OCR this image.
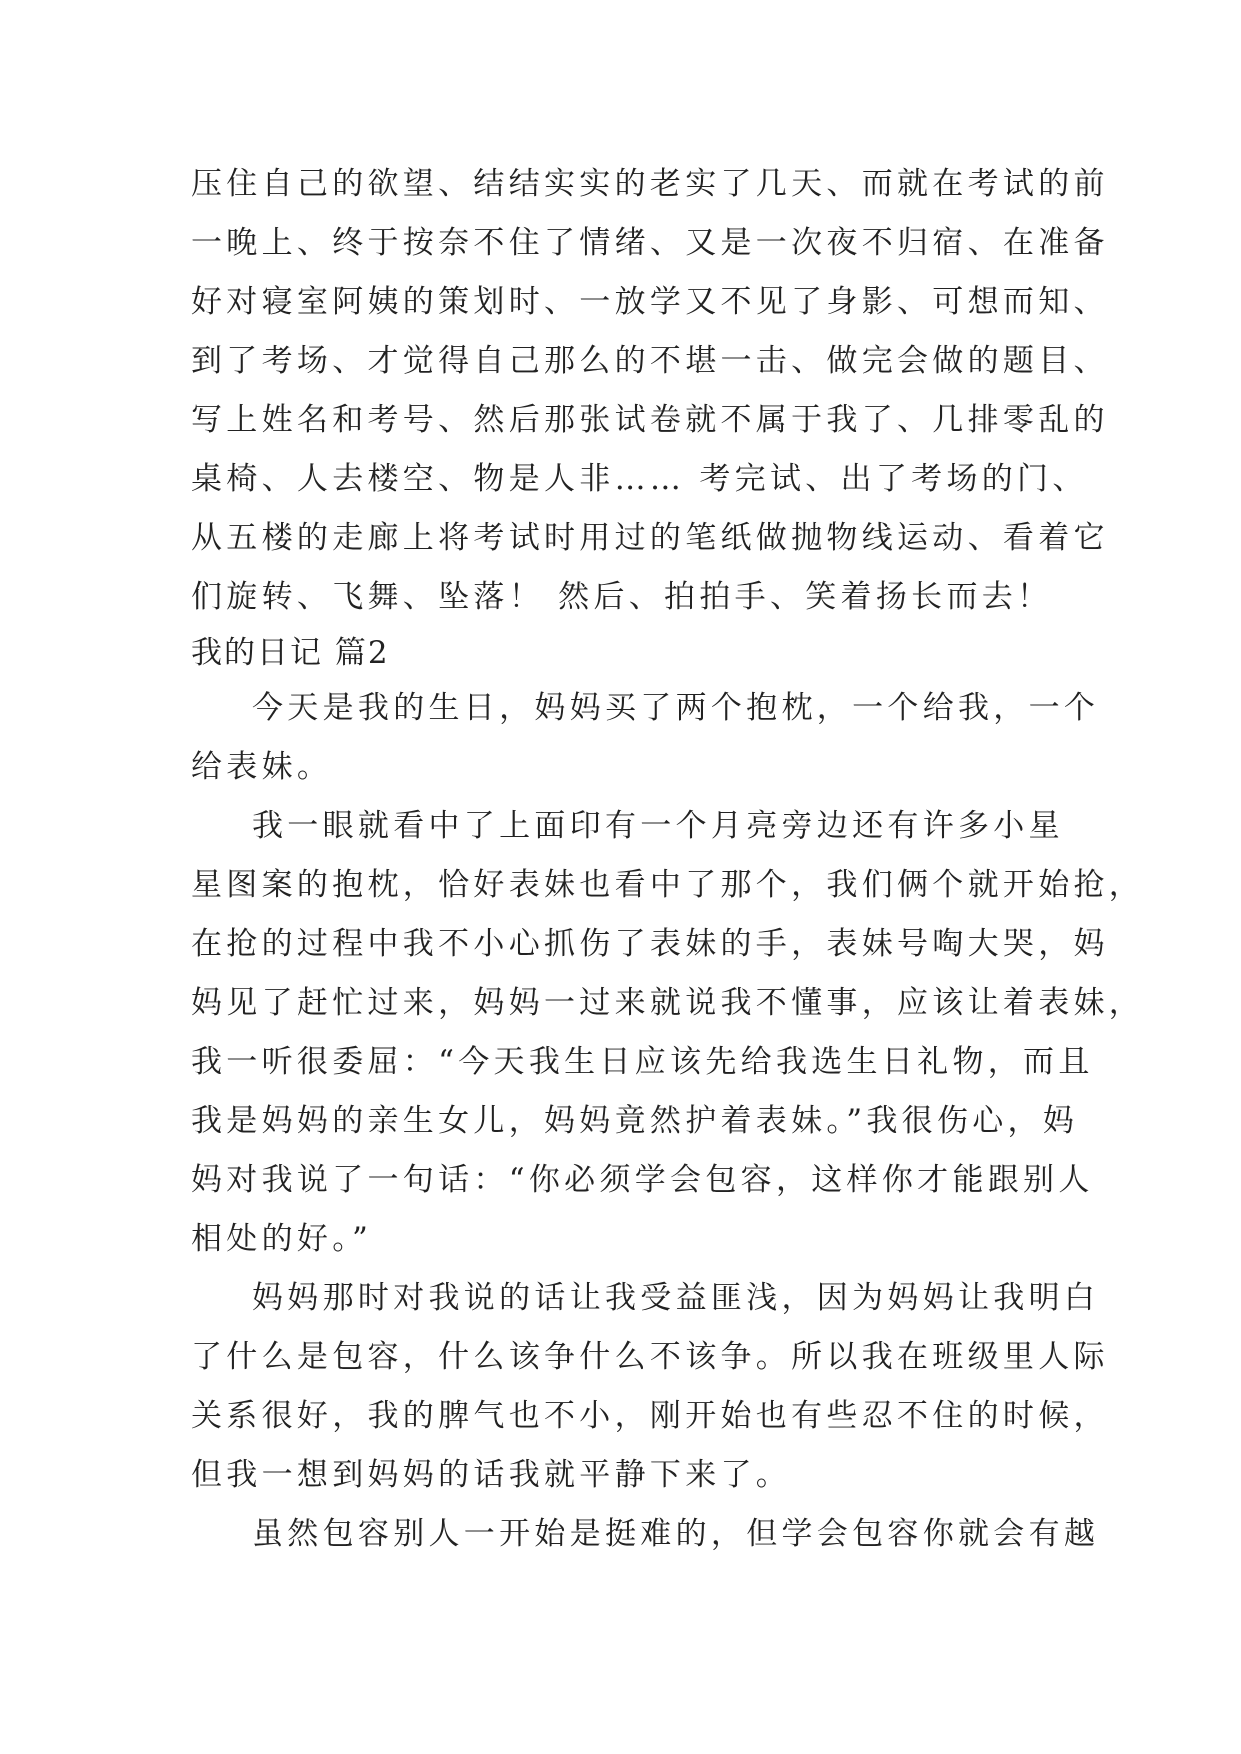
压住自己的欲望、结结实实的老实了几天、而就在考试的前
一晚上、终于按奈不住了情绪、又是一次夜不归宿、在准备
好对寝室阿姨的策划时、一放学又不见了身影、可想而知、
到了考场、才觉得自己那么的不堪一击、做完会做的题目、
写上姓名和考号、然后那张试卷就不属于我了、几排零乱的
桌椅、人去楼空、物是人非…… 考完试、出了考场的门、
从五楼的走廊上将考试时用过的笔纸做抛物线运动、看着它
们旋转、飞舞、坠落！ 然后、拍拍手、笑着扬长而去！
我的日记 篇2
今天是我的生日，妈妈买了两个抱枕，一个给我，一个
给表妹。
我一眼就看中了上面印有一个月亮旁边还有许多小星
星图案的抱枕，恰好表妹也看中了那个，我们俩个就开始抢，
在抢的过程中我不小心抓伤了表妹的手，表妹号啕大哭，妈
妈见了赶忙过来，妈妈一过来就说我不懂事，应该让着表妹，
我一听很委屈：“今天我生日应该先给我选生日礼物，而且
我是妈妈的亲生女儿，妈妈竟然护着表妹。”我很伤心，妈
妈对我说了一句话：“你必须学会包容，这样你才能跟别人
相处的好。”
妈妈那时对我说的话让我受益匪浅，因为妈妈让我明白
了什么是包容，什么该争什么不该争。所以我在班级里人际
关系很好，我的脾气也不小，刚开始也有些忍不住的时候，
但我一想到妈妈的话我就平静下来了。
虽然包容别人一开始是挺难的，但学会包容你就会有越
